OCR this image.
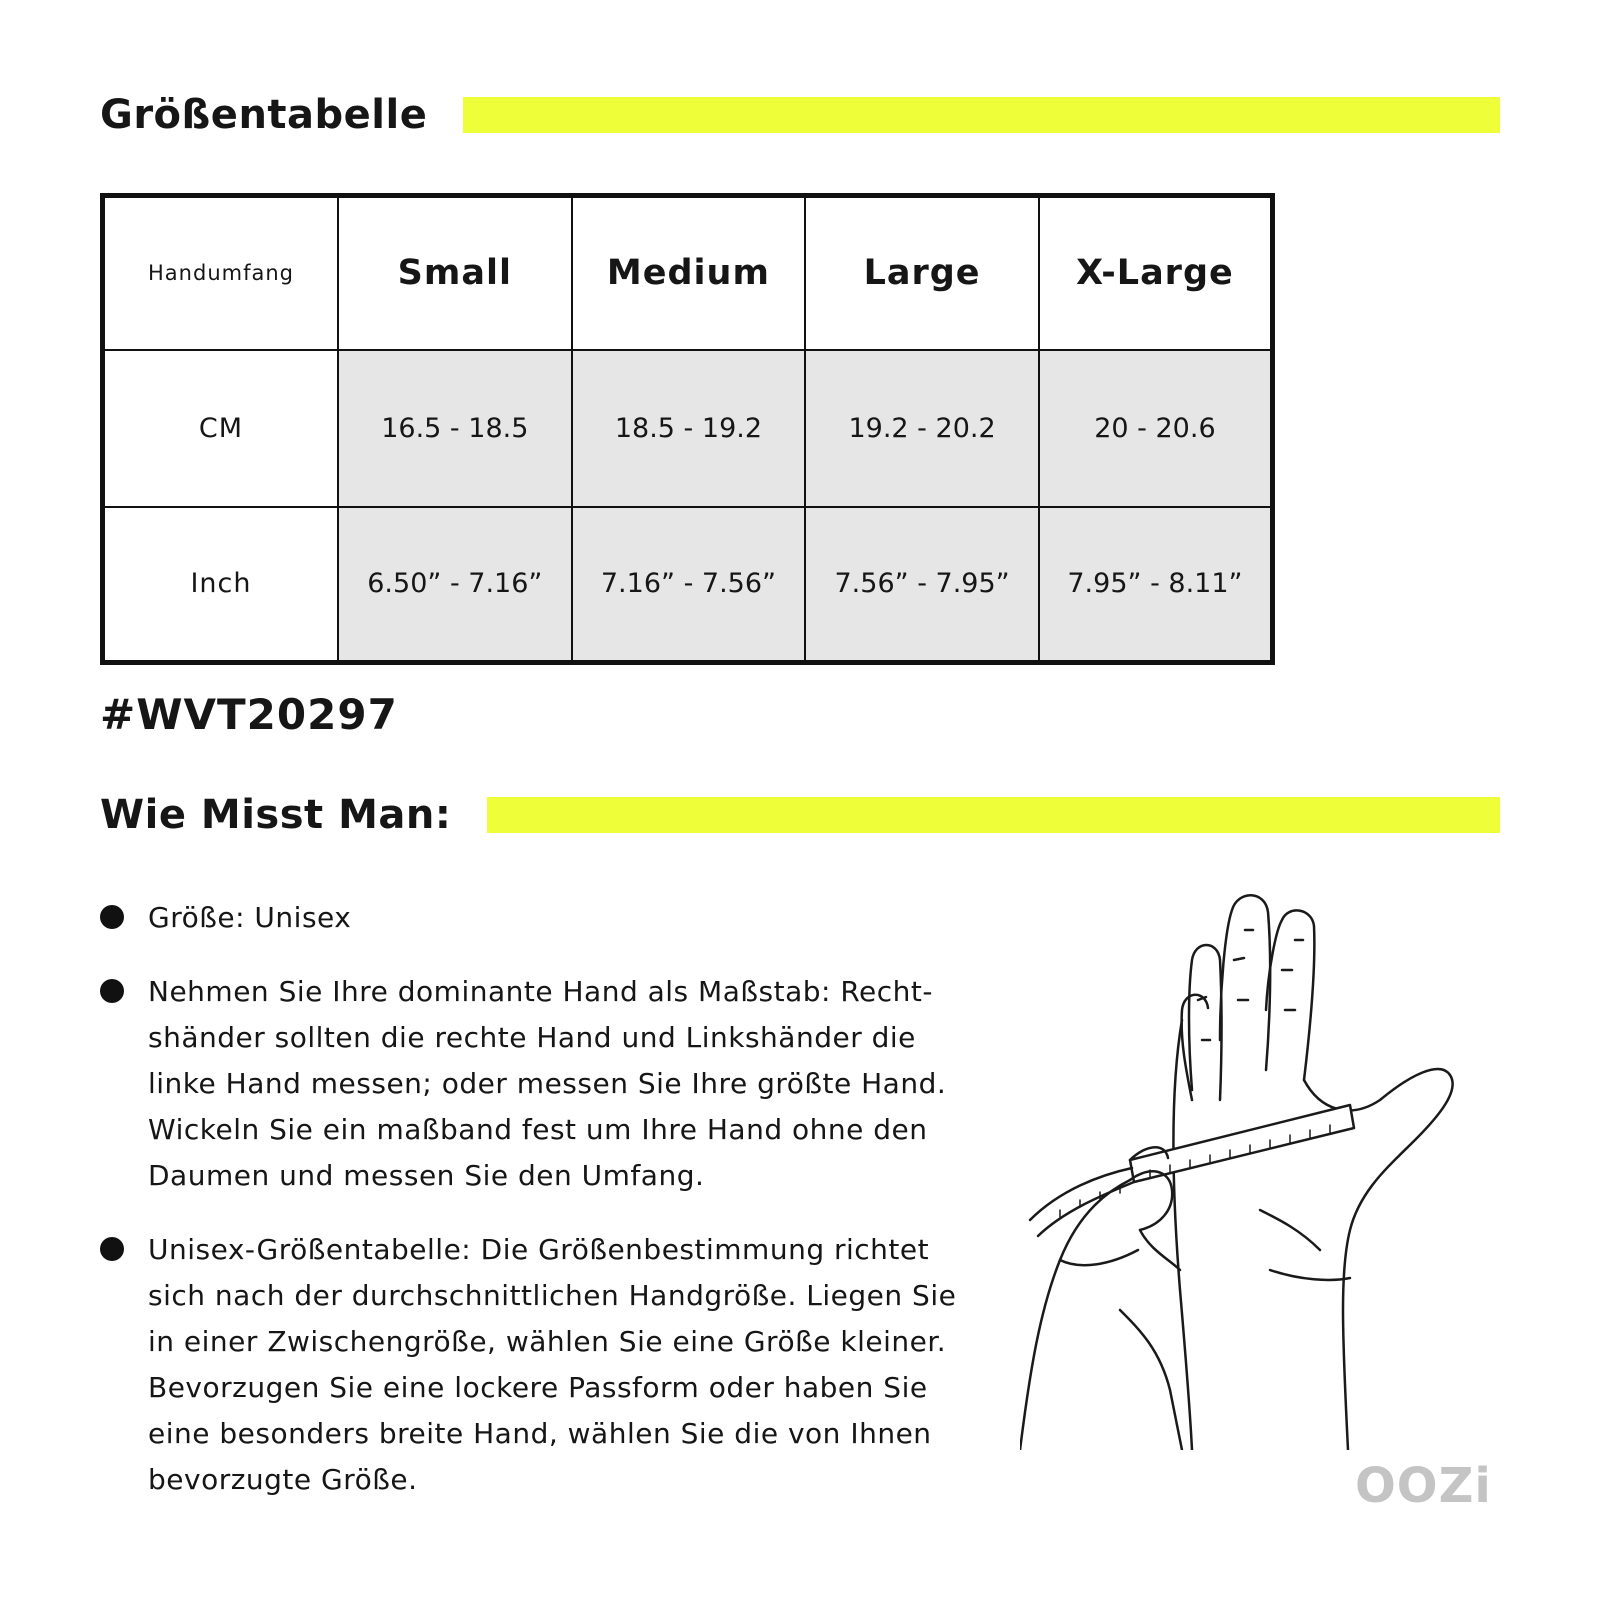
Größentabelle
Handumfang	Small	Medium	Large	X-Large
CM	16.5 - 18.5	18.5 - 19.2	19.2 - 20.2	20 - 20.6
Inch	6.50” - 7.16”	7.16” - 7.56”	7.56” - 7.95”	7.95” - 8.11”
#WVT20297
Wie Misst Man:
Größe: Unisex
Nehmen Sie Ihre dominante Hand als Maßstab: Recht-shänder sollten die rechte Hand und Linkshänder die linke Hand messen; oder messen Sie Ihre größte Hand. Wickeln Sie ein maßband fest um Ihre Hand ohne den Daumen und messen Sie den Umfang.
Unisex-Größentabelle: Die Größenbestimmung richtet sich nach der durchschnittlichen Handgröße. Liegen Sie in einer Zwischengröße, wählen Sie eine Größe kleiner. Bevorzugen Sie eine lockere Passform oder haben Sie eine besonders breite Hand, wählen Sie die von Ihnen bevorzugte Größe.	OOZi
